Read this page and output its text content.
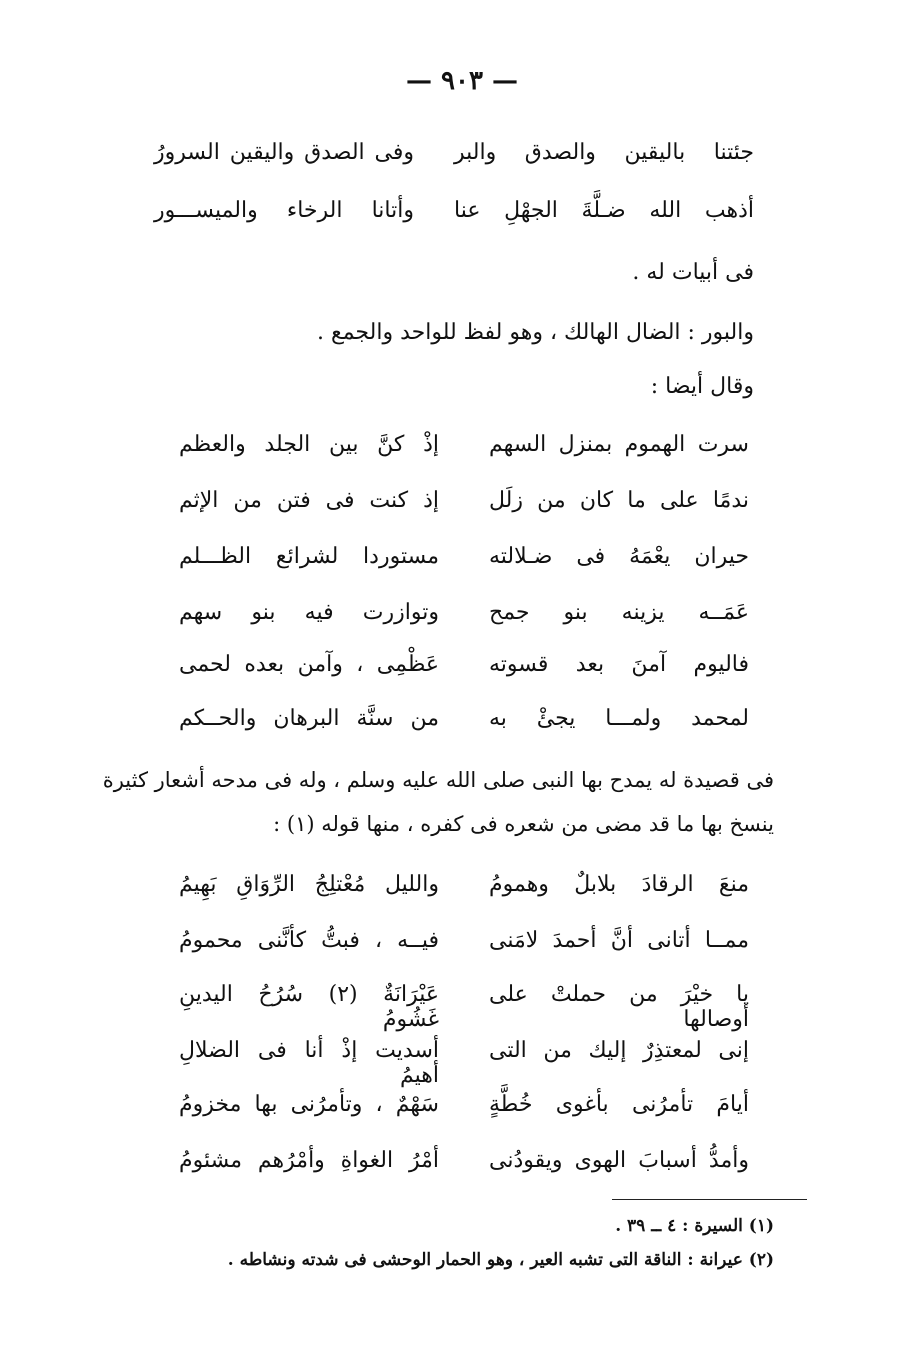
— ٩٠٣ —
جئتنا باليقين والصدق والبر
وفى الصدق واليقين السرورُ
أذهب الله ضـلَّةَ الجهْلِ عنا
وأتانا الرخاء والميســـور
فى أبيات له .
والبور : الضال الهالك ، وهو لفظ للواحد والجمع .
وقال أيضا :
سرت الهموم بمنزل السهم
إذْ كنَّ بين الجلد والعظم
ندمًا على ما كان من زلَل
إذ كنت فى فتن من الإثم
حيران يعْمَهُ فى ضـلالته
مستوردا لشرائع الظـــلم
عَمَــه يزينه بنو جمح
وتوازرت فيه بنو سهم
فاليوم آمنَ بعد قسوته
عَظْمِى ، وآمن بعده لحمى
لمحمد ولمـــا يجئْ به
من سنَّة البرهان والحــكم
فى قصيدة له يمدح بها النبى صلى الله عليه وسلم ، وله فى مدحه أشعار كثيرة
ينسخ بها ما قد مضى من شعره فى كفره ، منها قوله (١) :
منعَ الرقادَ بلابلٌ وهمومُ
والليل مُعْتلِجُ الرِّوَاقِ بَهِيمُ
ممــا أتانى أنَّ أحمدَ لامَنى
فيــه ، فبتُّ كأنَّنى محمومُ
يا خيْرَ من حملتْ على أوصالها
عَيْرَانَةٌ (٢) سُرُحُ اليدينِ غَشُومُ
إنى لمعتذِرٌ إليك من التى
أسديت إذْ أنا فى الضلالِ أهيمُ
أيامَ تأمرُنى بأغوى خُطَّةٍ
سَهْمٌ ، وتأمرُنى بها مخزومُ
وأمدُّ أسبابَ الهوى ويقودُنى
أمْرُ الغواةِ وأمْرُهم مشئومُ
(١) السيرة : ٤ ــ ٣٩ .
(٢) عيرانة : الناقة التى تشبه العير ، وهو الحمار الوحشى فى شدته ونشاطه .
